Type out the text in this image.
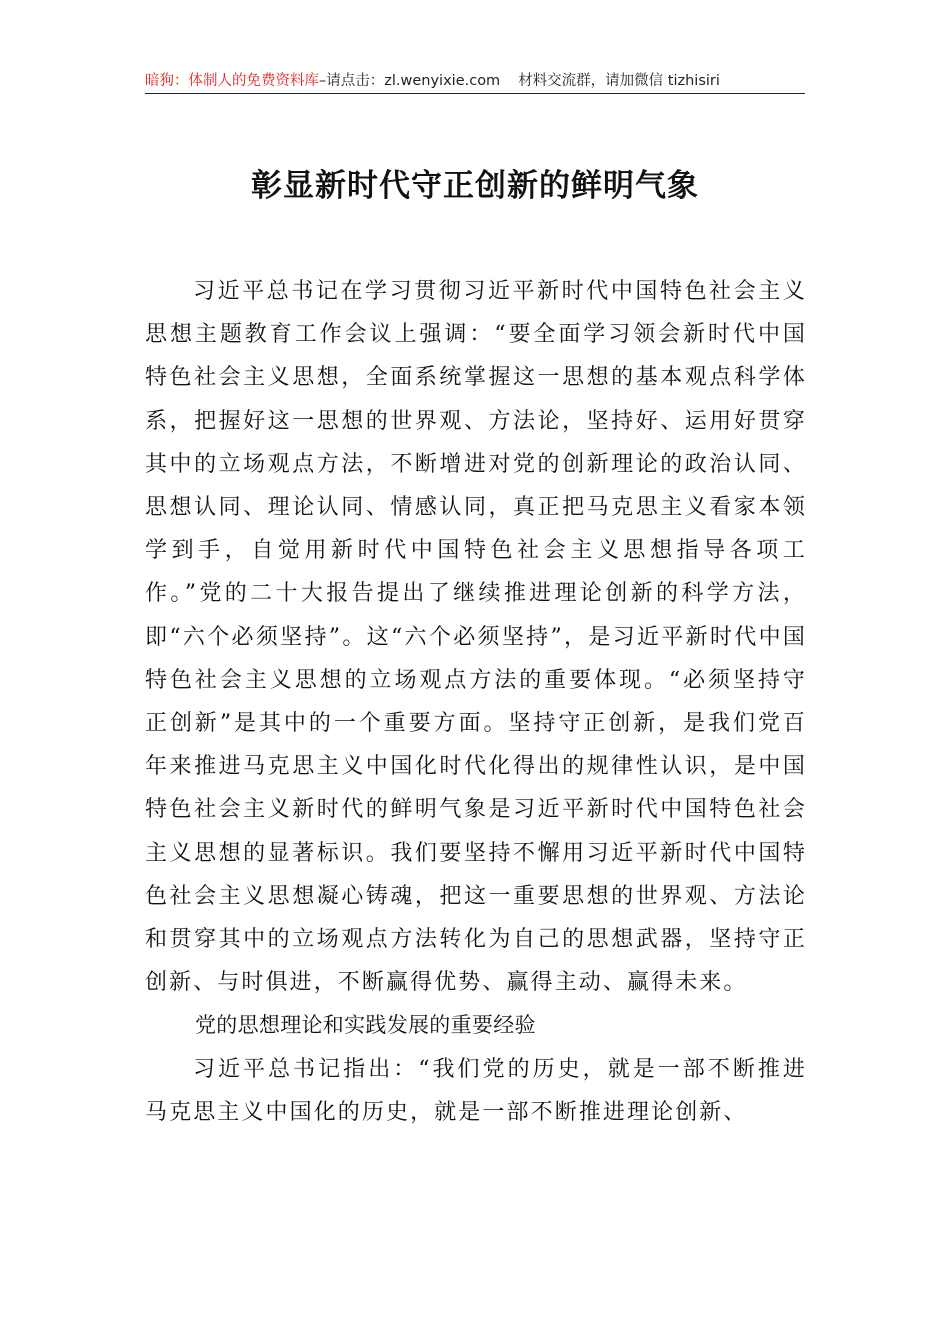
暗狗：体制人的免费资料库–请点击：zl.wenyixie.com 材料交流群，请加微信 tizhisiri
彰显新时代守正创新的鲜明气象

习近平总书记在学习贯彻习近平新时代中国特色社会主义思想主题教育工作会议上强调：“要全面学习领会新时代中国特色社会主义思想，全面系统掌握这一思想的基本观点科学体系，把握好这一思想的世界观、方法论，坚持好、运用好贯穿其中的立场观点方法，不断增进对党的创新理论的政治认同、思想认同、理论认同、情感认同，真正把马克思主义看家本领学到手，自觉用新时代中国特色社会主义思想指导各项工作。”党的二十大报告提出了继续推进理论创新的科学方法，即“六个必须坚持”。这“六个必须坚持”，是习近平新时代中国特色社会主义思想的立场观点方法的重要体现。“必须坚持守正创新”是其中的一个重要方面。坚持守正创新，是我们党百年来推进马克思主义中国化时代化得出的规律性认识，是中国特色社会主义新时代的鲜明气象是习近平新时代中国特色社会主义思想的显著标识。我们要坚持不懈用习近平新时代中国特色社会主义思想凝心铸魂，把这一重要思想的世界观、方法论和贯穿其中的立场观点方法转化为自己的思想武器，坚持守正创新、与时俱进，不断赢得优势、赢得主动、赢得未来。

党的思想理论和实践发展的重要经验

习近平总书记指出：“我们党的历史，就是一部不断推进马克思主义中国化的历史，就是一部不断推进理论创新、
